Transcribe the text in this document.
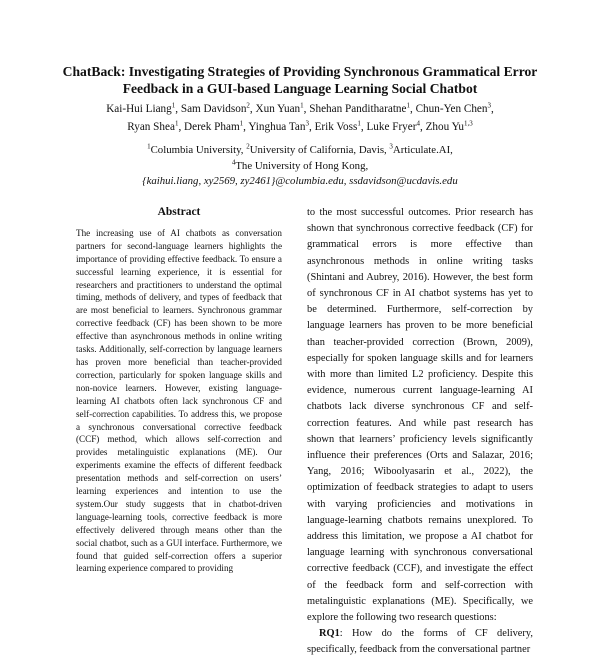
ChatBack: Investigating Strategies of Providing Synchronous Grammatical Error Feedback in a GUI-based Language Learning Social Chatbot
Kai-Hui Liang$^1$, Sam Davidson$^2$, Xun Yuan$^1$, Shehan Panditharatne$^1$, Chun-Yen Chen$^3$,
Ryan Shea$^1$, Derek Pham$^1$, Yinghua Tan$^3$, Erik Voss$^1$, Luke Fryer$^4$, Zhou Yu$^{1,3}$
$^1$Columbia University, $^2$University of California, Davis, $^3$Articulate.AI,
$^4$The University of Hong Kong,
{kaihui.liang, xy2569, zy2461}@columbia.edu, ssdavidson@ucdavis.edu
Abstract
The increasing use of AI chatbots as conversation partners for second-language learners highlights the importance of providing effective feedback. To ensure a successful learning experience, it is essential for researchers and practitioners to understand the optimal timing, methods of delivery, and types of feedback that are most beneficial to learners. Synchronous grammar corrective feedback (CF) has been shown to be more effective than asynchronous methods in online writing tasks. Additionally, self-correction by language learners has proven more beneficial than teacher-provided correction, particularly for spoken language skills and non-novice learners. However, existing language-learning AI chatbots often lack synchronous CF and self-correction capabilities. To address this, we propose a synchronous conversational corrective feedback (CCF) method, which allows self-correction and provides metalinguistic explanations (ME). Our experiments examine the effects of different feedback presentation methods and self-correction on users’ learning experiences and intention to use the system.Our study suggests that in chatbot-driven language-learning tools, corrective feedback is more effectively delivered through means other than the social chatbot, such as a GUI interface. Furthermore, we found that guided self-correction offers a superior learning experience compared to providing

to the most successful outcomes. Prior research has shown that synchronous corrective feedback (CF) for grammatical errors is more effective than asynchronous methods in online writing tasks (Shintani and Aubrey, 2016). However, the best form of synchronous CF in AI chatbot systems has yet to be determined. Furthermore, self-correction by language learners has proven to be more beneficial than teacher-provided correction (Brown, 2009), especially for spoken language skills and for learners with more than limited L2 proficiency. Despite this evidence, numerous current language-learning AI chatbots lack diverse synchronous CF and self-correction features. And while past research has shown that learners’ proficiency levels significantly influence their preferences (Orts and Salazar, 2016; Yang, 2016; Wiboolyasarin et al., 2022), the optimization of feedback strategies to adapt to users with varying proficiencies and motivations in language-learning chatbots remains unexplored. To address this limitation, we propose a AI chatbot for language learning with synchronous conversational corrective feedback (CCF), and investigate the effect of the feedback form and self-correction with metalinguistic explanations (ME). Specifically, we explore the following two research questions:

RQ1: How do the forms of CF delivery, specifically, feedback from the conversational partner
